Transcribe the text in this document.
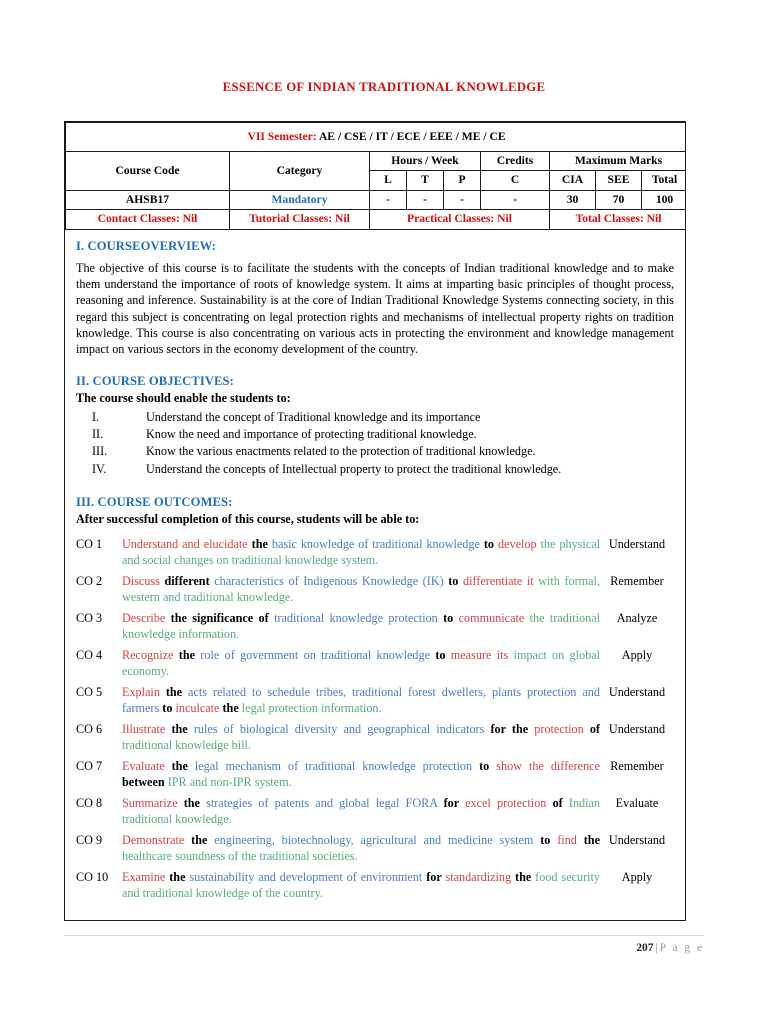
ESSENCE OF INDIAN TRADITIONAL KNOWLEDGE
VII Semester: AE / CSE / IT / ECE / EEE / ME / CE								
Course Code	Category	Hours / Week			Credits	Maximum Marks		
		L	T	P	C	CIA	SEE	Total
AHSB17	Mandatory	-	-	-	-	30	70	100
Contact Classes: Nil	Tutorial Classes: Nil	Practical Classes: Nil				Total Classes: Nil		
I. COURSEOVERVIEW:

The objective of this course is to facilitate the students with the concepts of Indian traditional knowledge and to make them understand the importance of roots of knowledge system. It aims at imparting basic principles of thought process, reasoning and inference. Sustainability is at the core of Indian Traditional Knowledge Systems connecting society, in this regard this subject is concentrating on legal protection rights and mechanisms of intellectual property rights on tradition knowledge. This course is also concentrating on various acts in protecting the environment and knowledge management impact on various sectors in the economy development of the country.

II. COURSE OBJECTIVES:
The course should enable the students to:
I.	Understand the concept of Traditional knowledge and its importance
II.	Know the need and importance of protecting traditional knowledge.
III.	Know the various enactments related to the protection of traditional knowledge.
IV.	Understand the concepts of Intellectual property to protect the traditional knowledge.
III. COURSE OUTCOMES:
After successful completion of this course, students will be able to:
CO 1	Understand and elucidate the basic knowledge of traditional knowledge to develop the physical and social changes on traditional knowledge system.	Understand
CO 2	Discuss different characteristics of Indigenous Knowledge (IK) to differentiate it with formal, western and traditional knowledge.	Remember
CO 3	Describe the significance of traditional knowledge protection to communicate the traditional knowledge information.	Analyze
CO 4	Recognize the role of government on traditional knowledge to measure its impact on global economy.	Apply
CO 5	Explain the acts related to schedule tribes, traditional forest dwellers, plants protection and farmers to inculcate the legal protection information.	Understand
CO 6	Illustrate the rules of biological diversity and geographical indicators for the protection of traditional knowledge bill.	Understand
CO 7	Evaluate the legal mechanism of traditional knowledge protection to show the difference between IPR and non-IPR system.	Remember
CO 8	Summarize the strategies of patents and global legal FORA for excel protection of Indian traditional knowledge.	Evaluate
CO 9	Demonstrate the engineering, biotechnology, agricultural and medicine system to find the healthcare soundness of the traditional societies.	Understand
CO 10	Examine the sustainability and development of environment for standardizing the food security and traditional knowledge of the country.	Apply
207 | P a g e
